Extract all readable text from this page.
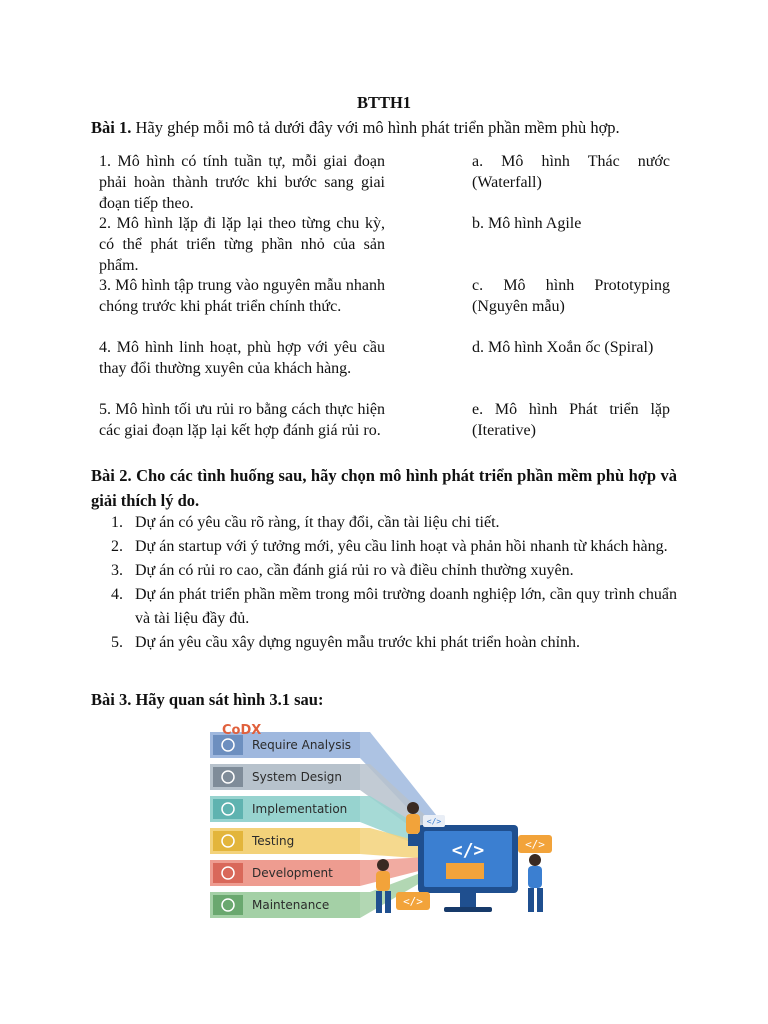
BTTH1
Bài 1. Hãy ghép mỗi mô tả dưới đây với mô hình phát triển phần mềm phù hợp.
1. Mô hình có tính tuần tự, mỗi giai đoạn phải hoàn thành trước khi bước sang giai đoạn tiếp theo.
a. Mô hình Thác nước (Waterfall)
2. Mô hình lặp đi lặp lại theo từng chu kỳ, có thể phát triển từng phần nhỏ của sản phẩm.
b. Mô hình Agile
3. Mô hình tập trung vào nguyên mẫu nhanh chóng trước khi phát triển chính thức.
c. Mô hình Prototyping (Nguyên mẫu)
4. Mô hình linh hoạt, phù hợp với yêu cầu thay đổi thường xuyên của khách hàng.
d. Mô hình Xoắn ốc (Spiral)
5. Mô hình tối ưu rủi ro bằng cách thực hiện các giai đoạn lặp lại kết hợp đánh giá rủi ro.
e. Mô hình Phát triển lặp (Iterative)
Bài 2. Cho các tình huống sau, hãy chọn mô hình phát triển phần mềm phù hợp và giải thích lý do.
1. Dự án có yêu cầu rõ ràng, ít thay đổi, cần tài liệu chi tiết.
2. Dự án startup với ý tưởng mới, yêu cầu linh hoạt và phản hồi nhanh từ khách hàng.
3. Dự án có rủi ro cao, cần đánh giá rủi ro và điều chỉnh thường xuyên.
4. Dự án phát triển phần mềm trong môi trường doanh nghiệp lớn, cần quy trình chuẩn và tài liệu đầy đủ.
5. Dự án yêu cầu xây dựng nguyên mẫu trước khi phát triển hoàn chỉnh.
Bài 3. Hãy quan sát hình 3.1 sau:
Require Analysis
System Design
Implementation
Testing
Development
Maintenance
CoDX
</>
</>
</>
</>
